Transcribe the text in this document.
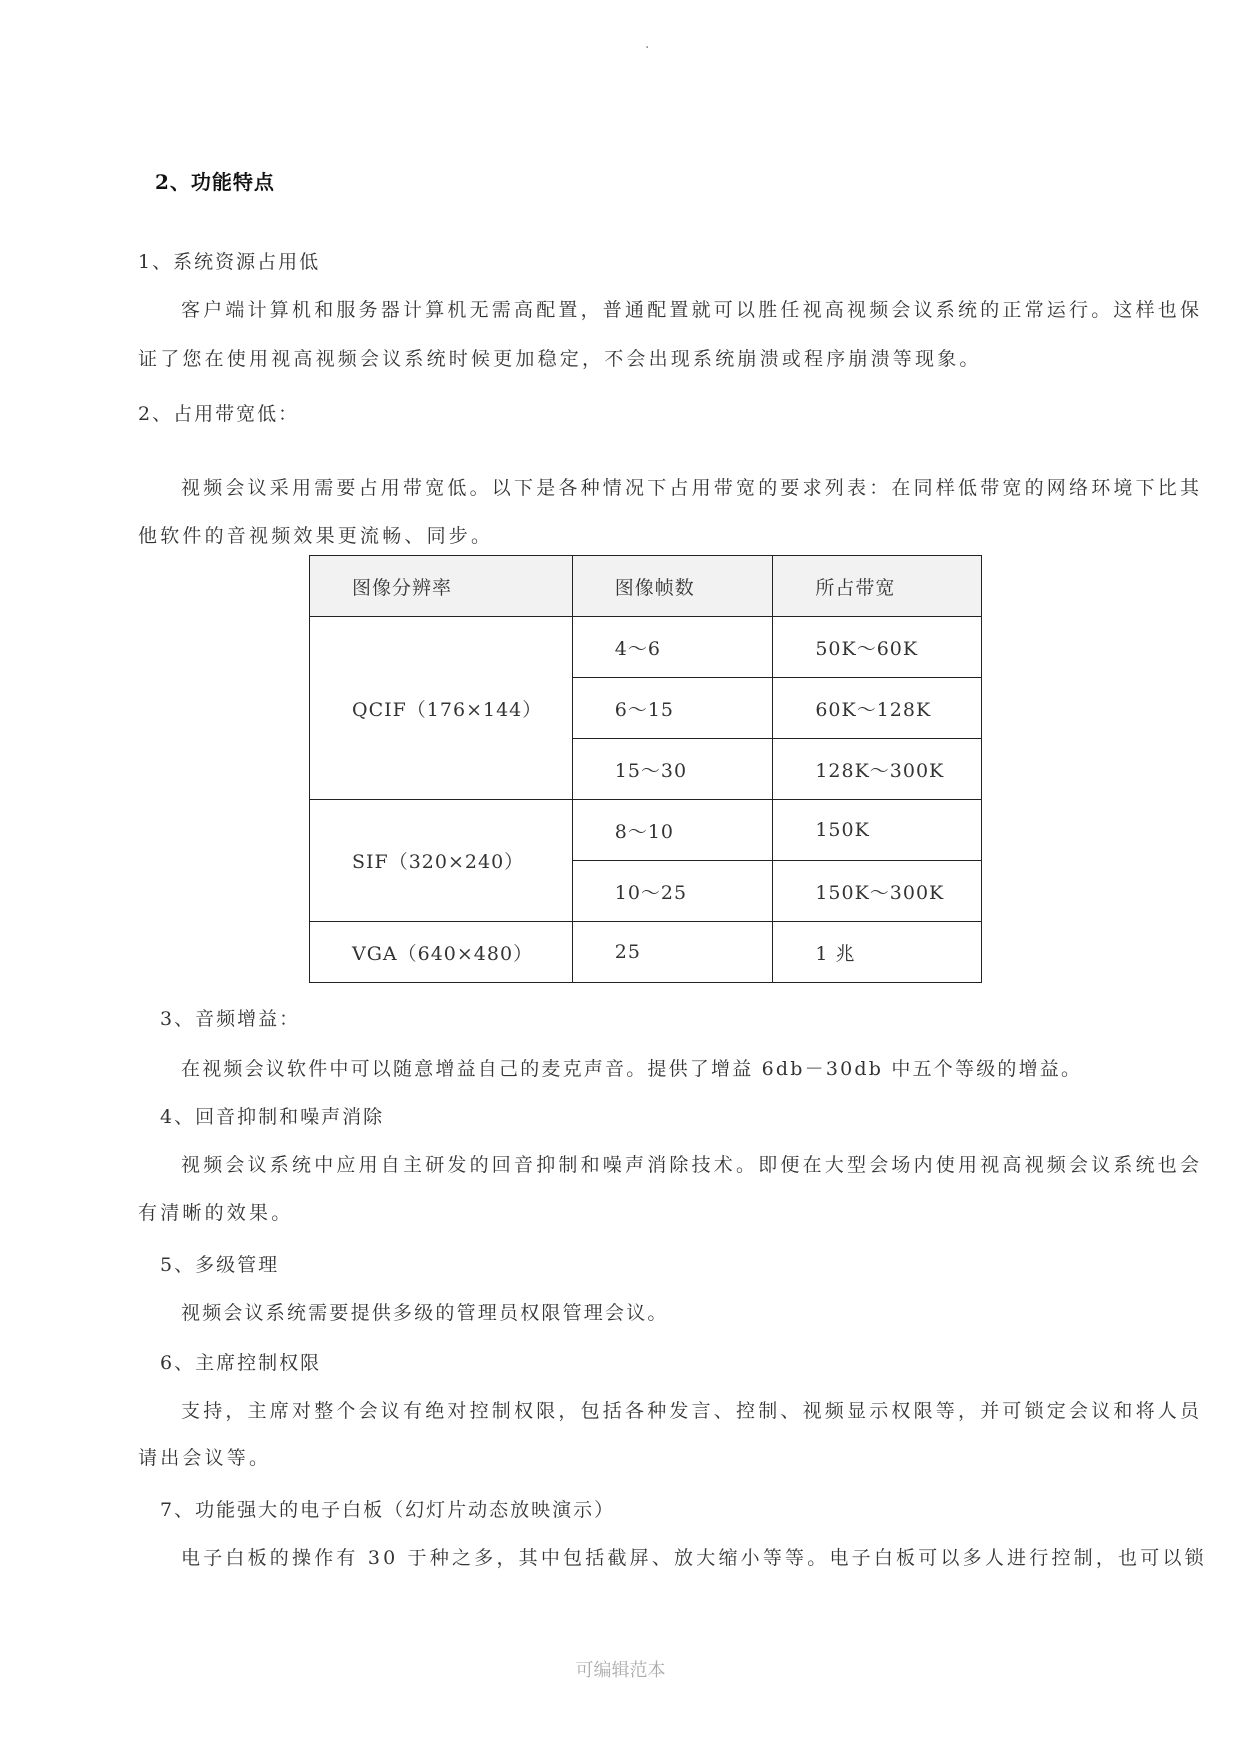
.
2、功能特点
1、系统资源占用低
客户端计算机和服务器计算机无需高配置，普通配置就可以胜任视高视频会议系统的正常运行。这样也保
证了您在使用视高视频会议系统时候更加稳定，不会出现系统崩溃或程序崩溃等现象。
2、占用带宽低：
视频会议采用需要占用带宽低。以下是各种情况下占用带宽的要求列表：在同样低带宽的网络环境下比其
他软件的音视频效果更流畅、同步。
图像分辨率	图像帧数	所占带宽
QCIF（176×144）	4～6	50K～60K
	6～15	60K～128K
	15～30	128K～300K
SIF（320×240）	8～10	150K
	10～25	150K～300K
VGA（640×480）	25	1 兆
3、音频增益：
在视频会议软件中可以随意增益自己的麦克声音。提供了增益 6db－30db 中五个等级的增益。
4、回音抑制和噪声消除
视频会议系统中应用自主研发的回音抑制和噪声消除技术。即便在大型会场内使用视高视频会议系统也会
有清晰的效果。
5、多级管理
视频会议系统需要提供多级的管理员权限管理会议。
6、主席控制权限
支持，主席对整个会议有绝对控制权限，包括各种发言、控制、视频显示权限等，并可锁定会议和将人员
请出会议等。
7、功能强大的电子白板（幻灯片动态放映演示）
电子白板的操作有 30 于种之多，其中包括截屏、放大缩小等等。电子白板可以多人进行控制，也可以锁
可编辑范本
